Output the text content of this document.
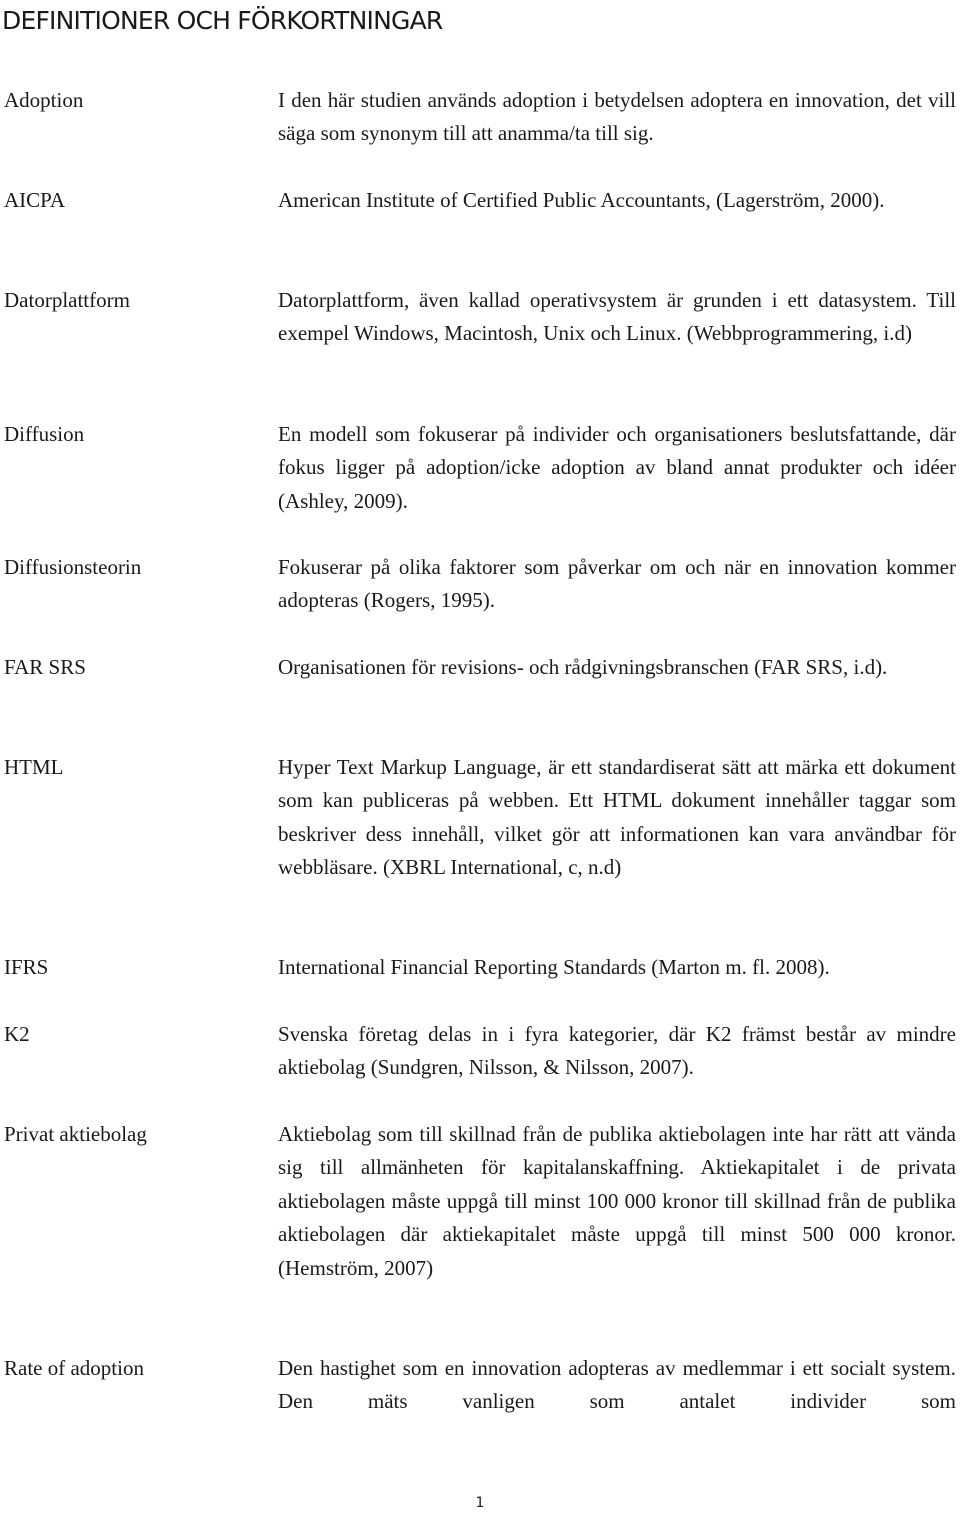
DEFINITIONER OCH FÖRKORTNINGAR
Adoption	I den här studien används adoption i betydelsen adoptera en innovation, det vill säga som synonym till att anamma/ta till sig.

AICPA	American Institute of Certified Public Accountants, (Lagerström, 2000).

Datorplattform	Datorplattform, även kallad operativsystem är grunden i ett datasystem. Till exempel Windows, Macintosh, Unix och Linux. (Webbprogrammering, i.d)

Diffusion	En modell som fokuserar på individer och organisationers beslutsfattande, där fokus ligger på adoption/icke adoption av bland annat produkter och idéer (Ashley, 2009).

Diffusionsteorin	Fokuserar på olika faktorer som påverkar om och när en innovation kommer adopteras (Rogers, 1995).

FAR SRS	Organisationen för revisions- och rådgivningsbranschen (FAR SRS, i.d).

HTML	Hyper Text Markup Language, är ett standardiserat sätt att märka ett dokument som kan publiceras på webben. Ett HTML dokument innehåller taggar som beskriver dess innehåll, vilket gör att informationen kan vara användbar för webbläsare. (XBRL International, c, n.d)

IFRS	International Financial Reporting Standards (Marton m. fl. 2008).

K2	Svenska företag delas in i fyra kategorier, där K2 främst består av mindre aktiebolag (Sundgren, Nilsson, & Nilsson, 2007).

Privat aktiebolag	Aktiebolag som till skillnad från de publika aktiebolagen inte har rätt att vända sig till allmänheten för kapitalanskaffning. Aktiekapitalet i de privata aktiebolagen måste uppgå till minst 100 000 kronor till skillnad från de publika aktiebolagen där aktiekapitalet måste uppgå till minst 500 000 kronor. (Hemström, 2007)

Rate of adoption	Den hastighet som en innovation adopteras av medlemmar i ett socialt system. Den mäts vanligen som antalet individer som

1
